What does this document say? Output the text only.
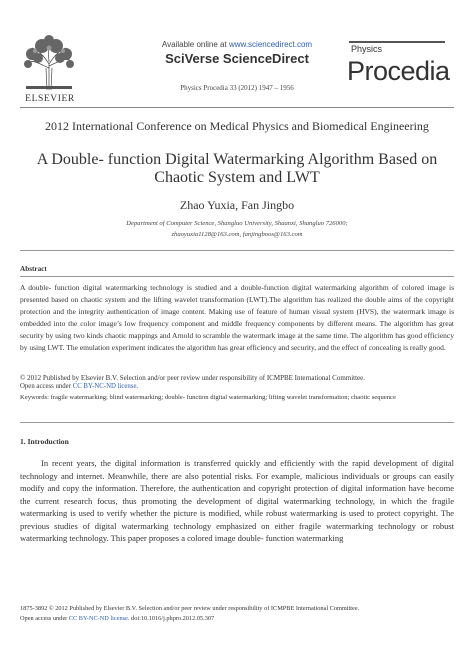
ELSEVIER
Available online at www.sciencedirect.com
SciVerse ScienceDirect
Physics Procedia 33 (2012) 1947 – 1956
Physics
Procedia
2012 International Conference on Medical Physics and Biomedical Engineering
A Double- function Digital Watermarking Algorithm Based on Chaotic System and LWT
Zhao Yuxia, Fan Jingbo
Department of Computer Science, Shangluo University, Shaanxi, Shangluo 726000;
zhaoyuxia1128@163.com, fanjingboos@163.com
Abstract
A double- function digital watermarking technology is studied and a double-function digital watermarking algorithm of colored image is presented based on chaotic system and the lifting wavelet transformation (LWT).The algorithm has realized the double aims of the copyright protection and the integrity authentication of image content. Making use of feature of human visual system (HVS), the watermark image is embedded into the color image’s low frequency component and middle frequency components by different means. The algorithm has great security by using two kinds chaotic mappings and Arnold to scramble the watermark image at the same time. The algorithm has good efficiency by using LWT. The emulation experiment indicates the algorithm has great efficiency and security, and the effect of concealing is really good.
© 2012 Published by Elsevier B.V. Selection and/or peer review under responsibility of ICMPBE International Committee.
Open access under CC BY-NC-ND license.
Keywords: fragile watermarking; blind watermarking; double- function digital watermarking; lifting wavelet transformation; chaotic sequence
1. Introduction
In recent years, the digital information is transferred quickly and efficiently with the rapid development of digital technology and internet. Meanwhile, there are also potential risks. For example, malicious individuals or groups can easily modify and copy the information. Therefore, the authentication and copyright protection of digital information have become the current research focus, thus promoting the development of digital watermarking technology, in which the fragile watermarking is used to verify whether the picture is modified, while robust watermarking is used to protect copyright. The previous studies of digital watermarking technology emphasized on either fragile watermarking technology or robust watermarking technology. This paper proposes a colored image double- function watermarking
1875-3892 © 2012 Published by Elsevier B.V. Selection and/or peer review under responsibility of ICMPBE International Committee.
Open access under CC BY-NC-ND license. doi:10.1016/j.phpro.2012.05.307
